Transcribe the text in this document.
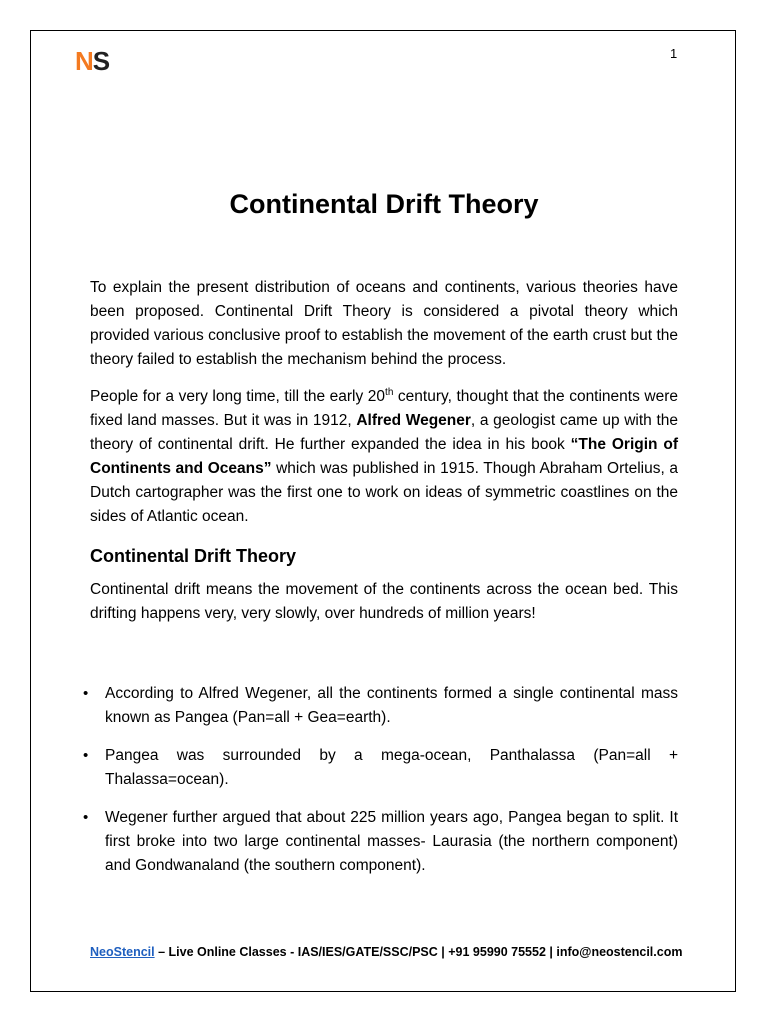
NS	1
Continental Drift Theory

To explain the present distribution of oceans and continents, various theories have been proposed. Continental Drift Theory is considered a pivotal theory which provided various conclusive proof to establish the movement of the earth crust but the theory failed to establish the mechanism behind the process.

People for a very long time, till the early 20th century, thought that the continents were fixed land masses. But it was in 1912, Alfred Wegener, a geologist came up with the theory of continental drift. He further expanded the idea in his book “The Origin of Continents and Oceans” which was published in 1915. Though Abraham Ortelius, a Dutch cartographer was the first one to work on ideas of symmetric coastlines on the sides of Atlantic ocean.

Continental Drift Theory

Continental drift means the movement of the continents across the ocean bed. This drifting happens very, very slowly, over hundreds of million years!

• According to Alfred Wegener, all the continents formed a single continental mass known as Pangea (Pan=all + Gea=earth).

• Pangea was surrounded by a mega-ocean, Panthalassa (Pan=all + Thalassa=ocean).

• Wegener further argued that about 225 million years ago, Pangea began to split. It first broke into two large continental masses- Laurasia (the northern component) and Gondwanaland (the southern component).

NeoStencil – Live Online Classes - IAS/IES/GATE/SSC/PSC | +91 95990 75552 | info@neostencil.com
